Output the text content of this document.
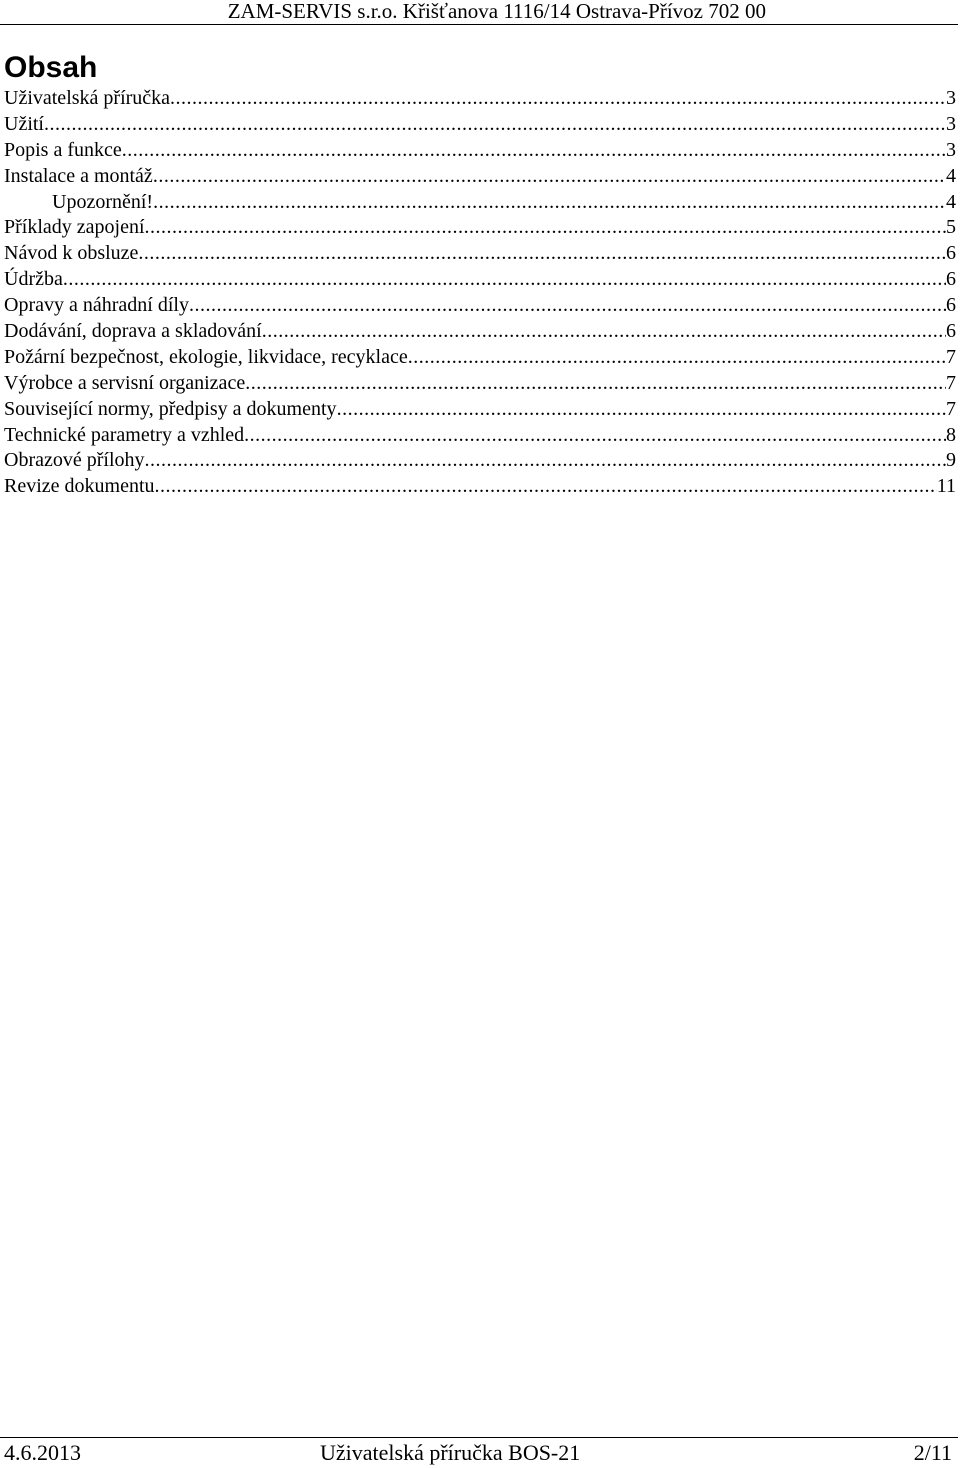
ZAM-SERVIS s.r.o. Křišťanova 1116/14 Ostrava-Přívoz 702 00
Obsah
Uživatelská příručka .....	3
Užití .....	3
Popis a funkce .....	3
Instalace a montáž .....	4
Upozornění! .....	4
Příklady zapojení .....	5
Návod k obsluze .....	6
Údržba .....	6
Opravy a náhradní díly .....	6
Dodávání, doprava a skladování .....	6
Požární bezpečnost, ekologie, likvidace, recyklace .....	7
Výrobce a servisní organizace .....	7
Související normy, předpisy a dokumenty .....	7
Technické parametry a vzhled .....	8
Obrazové přílohy .....	9
Revize dokumentu .....	11
4.6.2013	Uživatelská příručka BOS-21	2/11
